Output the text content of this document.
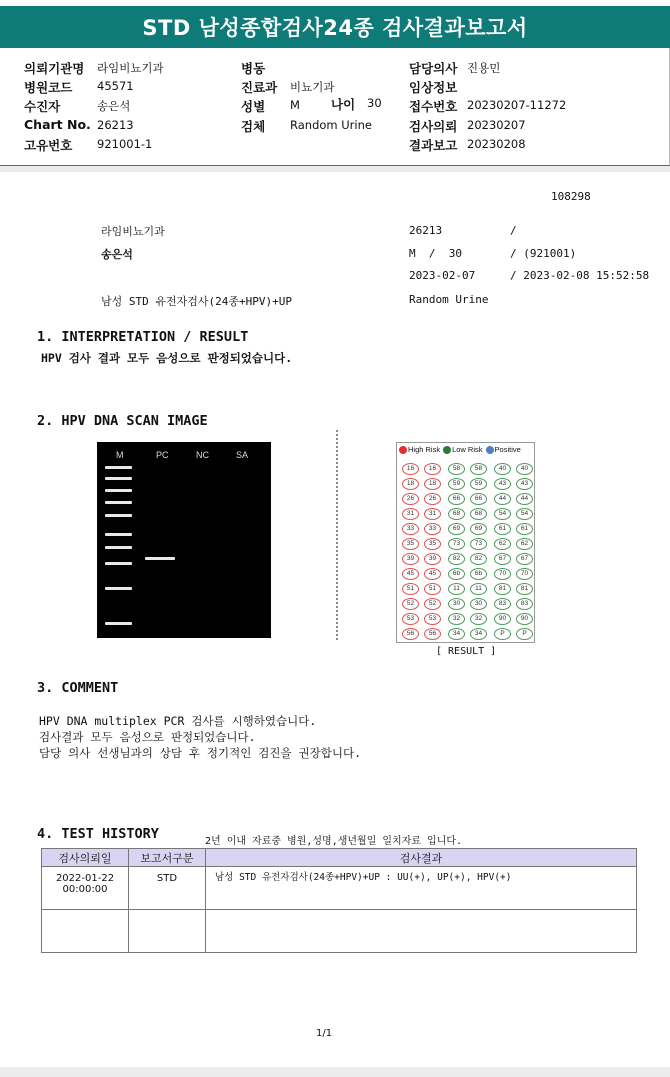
STD 남성종합검사24종 검사결과보고서
의뢰기관명 라임비뇨기과
병원코드 45571
수진자	송은석
Chart No. 26213
고유번호 921001-1
병동
진료과 비뇨기과
성별 M
검체 Random Urine
담당의사 진용민
임상정보
접수번호 20230207-11272
검사의뢰 20230207
결과보고 20230208
나이 30
108298
라임비뇨기과
송은석
남성 STD 유전자검사(24종+HPV)+UP
26213	/
M  /  30	/ (921001)
2023-02-07	/ 2023-02-08 15:52:58
Random Urine
1. INTERPRETATION / RESULT
HPV 검사 결과 모두 음성으로 판정되었습니다.
2. HPV DNA SCAN IMAGE
M	PC	NC	SA
High Risk	Low Risk	Positive
16	16	58	58	40	40
18	18	59	59	43	43
26	26	66	66	44	44
31	31	68	68	54	54
33	33	69	69	61	61
35	35	73	73	62	62
39	39	82	82	67	67
45	45	6b	6b	70	70
51	51	11	11	81	81
52	52	30	30	83	83
53	53	32	32	90	90
56	56	34	34	P	P
[ RESULT ]
3. COMMENT
HPV DNA multiplex PCR 검사를 시행하였습니다.
검사결과 모두 음성으로 판정되었습니다.
담당 의사 선생님과의 상담 후 정기적인 검진을 권장합니다.
4. TEST HISTORY	2년 이내 자료중 병원,성명,생년월일 일치자료 입니다.
검사의뢰일	보고서구분	검사결과

2022-01-22
00:00:00	STD	남성 STD 유전자검사(24종+HPV)+UP : UU(+), UP(+), HPV(+)

1/1
